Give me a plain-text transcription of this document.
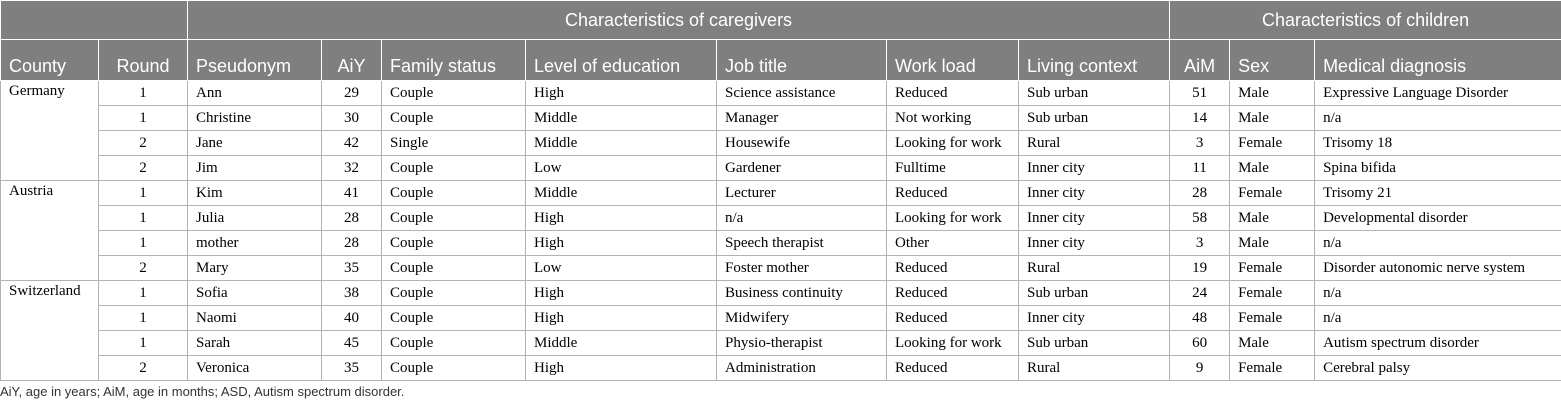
		Characteristics of caregivers							Characteristics of children		
County	Round	Pseudonym	AiY	Family status	Level of education	Job title	Work load	Living context	AiM	Sex	Medical diagnosis
Germany	1	Ann	29	Couple	High	Science assistance	Reduced	Sub urban	51	Male	Expressive Language Disorder
	1	Christine	30	Couple	Middle	Manager	Not working	Sub urban	14	Male	n/a
	2	Jane	42	Single	Middle	Housewife	Looking for work	Rural	3	Female	Trisomy 18
	2	Jim	32	Couple	Low	Gardener	Fulltime	Inner city	11	Male	Spina bifida
Austria	1	Kim	41	Couple	Middle	Lecturer	Reduced	Inner city	28	Female	Trisomy 21
	1	Julia	28	Couple	High	n/a	Looking for work	Inner city	58	Male	Developmental disorder
	1	mother	28	Couple	High	Speech therapist	Other	Inner city	3	Male	n/a
	2	Mary	35	Couple	Low	Foster mother	Reduced	Rural	19	Female	Disorder autonomic nerve system
Switzerland	1	Sofia	38	Couple	High	Business continuity	Reduced	Sub urban	24	Female	n/a
	1	Naomi	40	Couple	High	Midwifery	Reduced	Inner city	48	Female	n/a
	1	Sarah	45	Couple	Middle	Physio-therapist	Looking for work	Sub urban	60	Male	Autism spectrum disorder
	2	Veronica	35	Couple	High	Administration	Reduced	Rural	9	Female	Cerebral palsy
AiY, age in years; AiM, age in months; ASD, Autism spectrum disorder.
